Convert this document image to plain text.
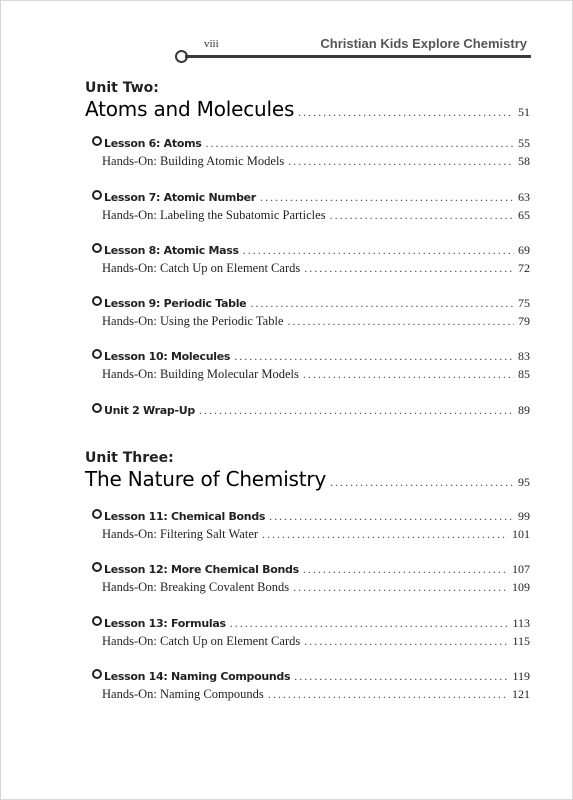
viii	Christian Kids Explore Chemistry
Unit Two:
Atoms and Molecules .....	51
Lesson 6: Atoms .....	55
Hands-On: Building Atomic Models .....	58
Lesson 7: Atomic Number .....	63
Hands-On: Labeling the Subatomic Particles .....	65
Lesson 8: Atomic Mass .....	69
Hands-On: Catch Up on Element Cards .....	72
Lesson 9: Periodic Table .....	75
Hands-On: Using the Periodic Table .....	79
Lesson 10: Molecules .....	83
Hands-On: Building Molecular Models .....	85
Unit 2 Wrap-Up .....	89
Unit Three:
The Nature of Chemistry .....	95
Lesson 11: Chemical Bonds .....	99
Hands-On: Filtering Salt Water .....	101
Lesson 12: More Chemical Bonds .....	107
Hands-On: Breaking Covalent Bonds .....	109
Lesson 13: Formulas .....	113
Hands-On: Catch Up on Element Cards .....	115
Lesson 14: Naming Compounds .....	119
Hands-On: Naming Compounds .....	121
